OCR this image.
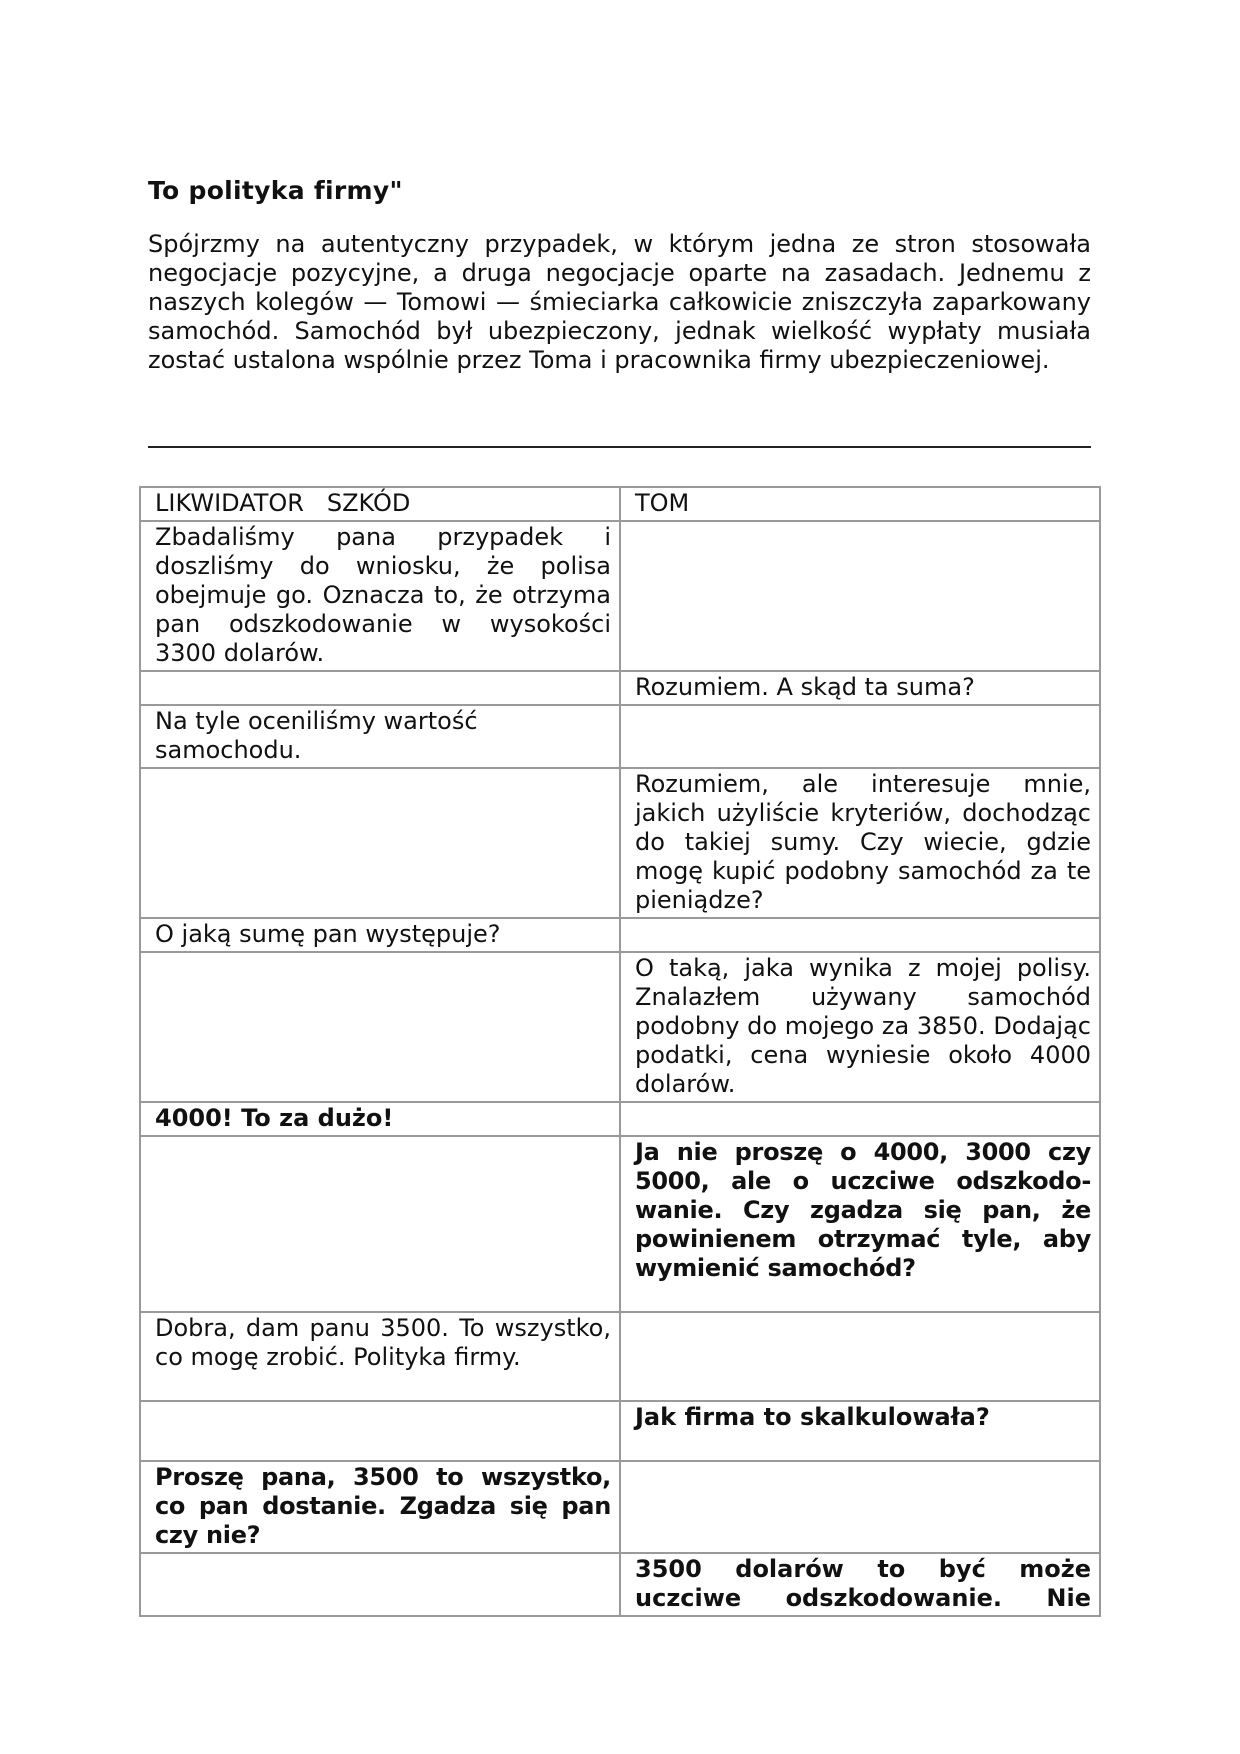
To polityka firmy"

Spójrzmy na autentyczny przypadek, w którym jedna ze stron stosowała negocjacje pozycyjne, a druga negocjacje oparte na zasadach. Jednemu z naszych kolegów — Tomowi — śmieciarka całkowicie zniszczyła zaparkowany samochód. Samochód był ubezpieczony, jednak wielkość wypłaty musiała zostać ustalona wspólnie przez Toma i pracownika firmy ubezpieczeniowej.

LIKWIDATOR   SZKÓD	TOM
Zbadaliśmy pana przypadek i doszliśmy do wniosku, że polisa obejmuje go. Oznacza to, że otrzyma pan odszkodowanie w wysokości 3300 dolarów.	
	Rozumiem. A skąd ta suma?
Na tyle oceniliśmy wartość samochodu.	
	Rozumiem, ale interesuje mnie, jakich użyliście kryteriów, dochodząc do takiej sumy. Czy wiecie, gdzie mogę kupić podobny samochód za te pieniądze?
O jaką sumę pan występuje?	
	O taką, jaka wynika z mojej polisy. Znalazłem używany samochód podobny do mojego za 3850. Dodając podatki, cena wyniesie około 4000 dolarów.
4000! To za dużo!	
	Ja nie proszę o 4000, 3000 czy 5000, ale o uczciwe odszkodo-wanie. Czy zgadza się pan, że powinienem otrzymać tyle, aby wymienić samochód?
Dobra, dam panu 3500. To wszystko, co mogę zrobić. Polityka firmy.	
	Jak firma to skalkulowała?
Proszę pana, 3500 to wszystko, co pan dostanie. Zgadza się pan czy nie?	
	3500 dolarów to być może uczciwe odszkodowanie. Nie
